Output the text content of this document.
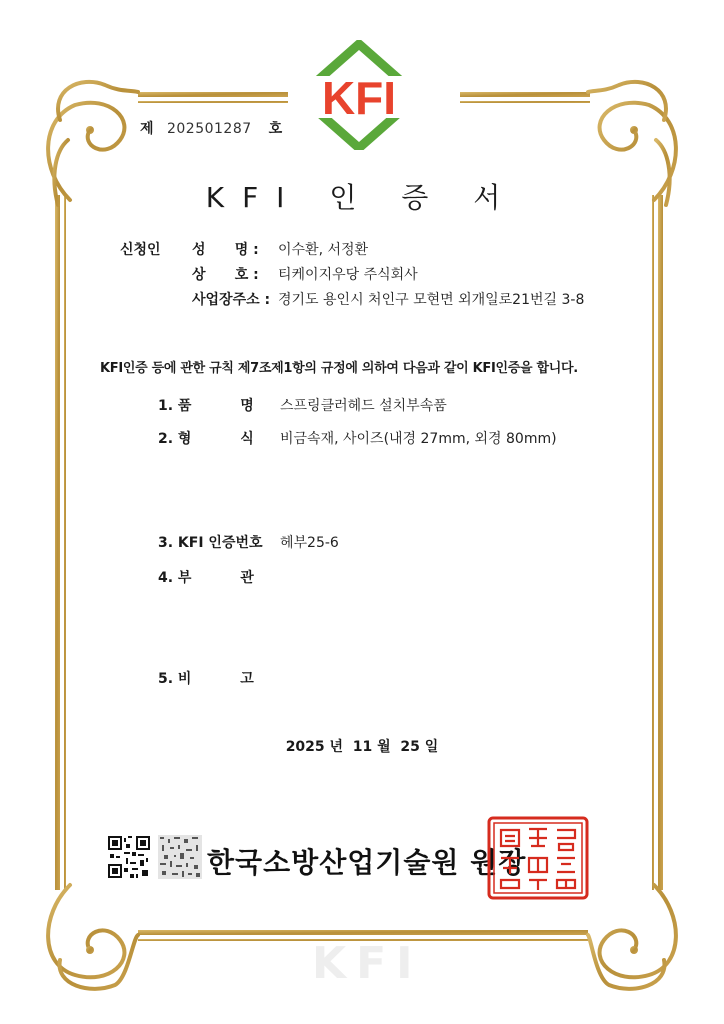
KFI
제 202501287 호
KFI 인 증 서
신청인 성      명 : 이수환, 서정환
상      호 : 티케이지우당 주식회사
사업장주소 : 경기도 용인시 처인구 모현면 외개일로21번길 3-8
KFI인증 등에 관한 규칙 제7조제1항의 규정에 의하여 다음과 같이 KFI인증을 합니다.
1. 품          명 스프링클러헤드 설치부속품
2. 형          식 비금속재, 사이즈(내경 27mm, 외경 80mm)
3. KFI 인증번호 헤부25-6
4. 부          관
5. 비          고
2025 년  11 월  25 일
한국소방산업기술원 원장
KFI
